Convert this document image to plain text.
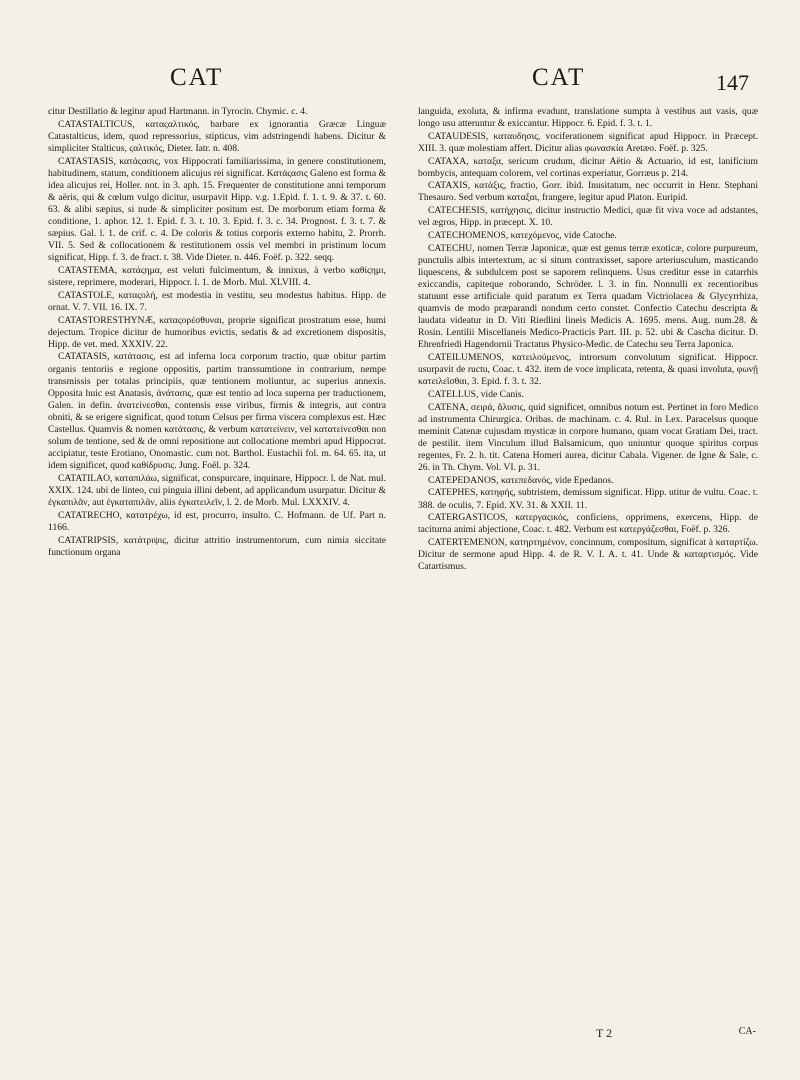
CAT	CAT	147

citur Destillatio & legitur apud Hartmann. in Tyrocin. Chymic. c. 4.

CATASTALTICUS, καταςαλτικός, barbare ex ignorantia Græcæ Linguæ Catastalticus, idem, quod repressorius, stipticus, vim adstringendi habens. Dicitur & simpliciter Stalticus, ςαλτικός, Dieter. Iatr. n. 408.

CATASTASIS, κατάςασις, vox Hippocrati familiarissima, in genere constitutionem, habitudinem, statum, conditionem alicujus rei significat. Κατάςασις Galeno est forma & idea alicujus rei, Holler. not. in 3. aph. 15. Frequenter de constitutione anni temporum & aëris, qui & cœlum vulgo dicitur, usurpavit Hipp. v.g. 1.Epid. f. 1. t. 9. & 37. t. 60. 63. & alibi sæpius, si nude & simpliciter positum est. De morborum etiam forma & conditione, 1. aphor. 12. 1. Epid. f. 3. t. 10. 3. Epid. f. 3. c. 34. Prognost. f. 3. t. 7. & sæpius. Gal. l. 1. de crif. c. 4. De coloris & totius corporis externo habitu, 2. Prorrh. VII. 5. Sed & collocationem & restitutionem ossis vel membri in pristinum locum significat, Hipp. f. 3. de fract. t. 38. Vide Dieter. n. 446. Foëf. p. 322. seqq.

CATASTEMA, κατάςημα, est veluti fulcimentum, & innixus, à verbo καθίςημι, sistere, reprimere, moderari, Hippocr. l. 1. de Morb. Mul. XLVIII. 4.

CATASTOLE, καταςολή, est modestia in vestitu, seu modestus habitus. Hipp. de ornat. V. 7. VII. 16. IX. 7.

CATASTORESTHYNÆ, καταςορέσθυναι, proprie significat prostratum esse, humi dejectum. Tropice dicitur de humoribus evictis, sedatis & ad excretionem dispositis, Hipp. de vet. med. XXXIV. 22.

CATATASIS, κατάτασις, est ad inferna loca corporum tractio, quæ obitur partim organis tentoriis e regione oppositis, partim transsumtione in contrarium, nempe transmissis per totalas principiis, quæ tentionem moliuntur, ac superius annexis. Opposita huic est Anatasis, ἀνάτασις, quæ est tentio ad loca superna per traductionem, Galen. in defin. ἀνατείνεσθαι, contensis esse viribus, firmis & integris, aut contra obniti, & se erigere significat, quod totum Celsus per firma viscera complexus est. Hæc Castellus. Quamvis & nomen κατάτασις, & verbum κατατείνειν, vel κατατείνεσθαι non solum de tentione, sed & de omni repositione aut collocatione membri apud Hippocrat. accipiatur, teste Erotiano, Onomastic. cum not. Barthol. Eustachii fol. m. 64. 65. ita, ut idem significet, quod καθίδρυσις. Jung. Foël. p. 324.

CATATILAO, καταπιλάω, significat, conspurcare, inquinare, Hippocr. l. de Nat. mul. XXIX. 124. ubi de linteo, cui pinguia illini debent, ad applicandum usurpatur. Dicitur & ἐγκαπιλᾶν, aut ἐγκαταπιλᾶν, aliis ἐγκατειλεῖν, l. 2. de Morb. Mul. LXXXIV. 4.

CATATRECHO, κατατρέχω, id est, procurro, insulto. C. Hofmann. de Uf. Part n. 1166.

CATATRIPSIS, κατάτριψις, dicitur attritio instrumentorum, cum nimia siccitate functionum organa

languida, exoluta, & infirma evadunt, translatione sumpta à vestibus aut vasis, quæ longo usu atteruntur & exiccantur. Hippocr. 6. Epid. f. 3. t. 1.

CATAUDESIS, καταυδησις, vociferationem significat apud Hippocr. in Præcept. XIII. 3. quæ molestiam affert. Dicitur alias φωνασκία Aretæo. Foëf. p. 325.

CATAXA, καταξα, sericum crudum, dicitur Aëtio & Actuario, id est, lanificium bombycis, antequam colorem, vel cortinas experiatur, Gorræus p. 214.

CATAXIS, κατάξις, fractio, Gorr. ibid. Inusitatum, nec occurrit in Henr. Stephani Thesauro. Sed verbum καταξαι, frangere, legitur apud Platon. Euripid.

CATECHESIS, κατήχησις, dicitur instructio Medici, quæ fit viva voce ad adstantes, vel ægros, Hipp. in præcept. X. 10.

CATECHOMENOS, κατεχόμενος, vide Catoche.

CATECHU, nomen Terræ Japonicæ, quæ est genus terræ exoticæ, colore purpureum, punctulis albis intertextum, ac si situm contraxisset, sapore arteriusculum, masticando liquescens, & subdulcem post se saporem relinquens. Usus creditur esse in catarrhis exiccandis, capiteque roborando, Schröder. l. 3. in fin. Nonnulli ex recentioribus statuunt esse artificiale quid paratum ex Terra quadam Victriolacea & Glycyrrhiza, quamvis de modo præparandi nondum certo constet. Confectio Catechu descripta & laudata videatur in D. Viti Riedlini lineis Medicis A. 1695. mens. Aug. num.28. & Rosin. Lentilii Miscellaneis Medico-Practicis Part. III. p. 52. ubi & Cascha dicitur. D. Ehrenfriedi Hagendornii Tractatus Physico-Medic. de Catechu seu Terra Japonica.

CATEILUMENOS, κατειλούμενος, introrsum convolutum significat. Hippocr. usurpavit de ructu, Coac. t. 432. item de voce implicata, retenta, & quasi involuta, φωνῇ κατειλεῖσθαι, 3. Epid. f. 3. t. 32.

CATELLUS, vide Canis.

CATENA, σειρά, ἅλυσις, quid significet, omnibus notum est. Pertinet in foro Medico ad instrumenta Chirurgica. Oribas. de machinam. c. 4. Rul. in Lex. Paracelsus quoque meminit Catenæ cujusdam mysticæ in corpore humano, quam vocat Gratiam Dei, tract. de pestilit. item Vinculum illud Balsamicum, quo uniuntur quoque spiritus corpus regentes, Fr. 2. h. tit. Catena Homeri aurea, dicitur Cabala. Vigener. de Igne & Sale, c. 26. in Th. Chym. Vol. VI. p. 31.

CATEPEDANOS, κατεπεδανός, vide Epedanos.

CATEPHES, κατηφής, subtristem, demissum significat. Hipp. utitur de vultu. Coac. t. 388. de oculis, 7. Epid. XV. 31. & XXII. 11.

CATERGASTICOS, κατεργαςικός, conficiens, opprimens, exercens, Hipp. de taciturna animi abjectione, Coac. t. 482. Verbum est κατεργάζεσθαι, Foëf. p. 326.

CATERTEMENON, κατηρτημένον, concinnum, compositum, significat à καταρτίζω. Dicitur de sermone apud Hipp. 4. de R. V. I. A. t. 41. Unde & καταρτισμός. Vide Catartismus.

T 2	CA-
